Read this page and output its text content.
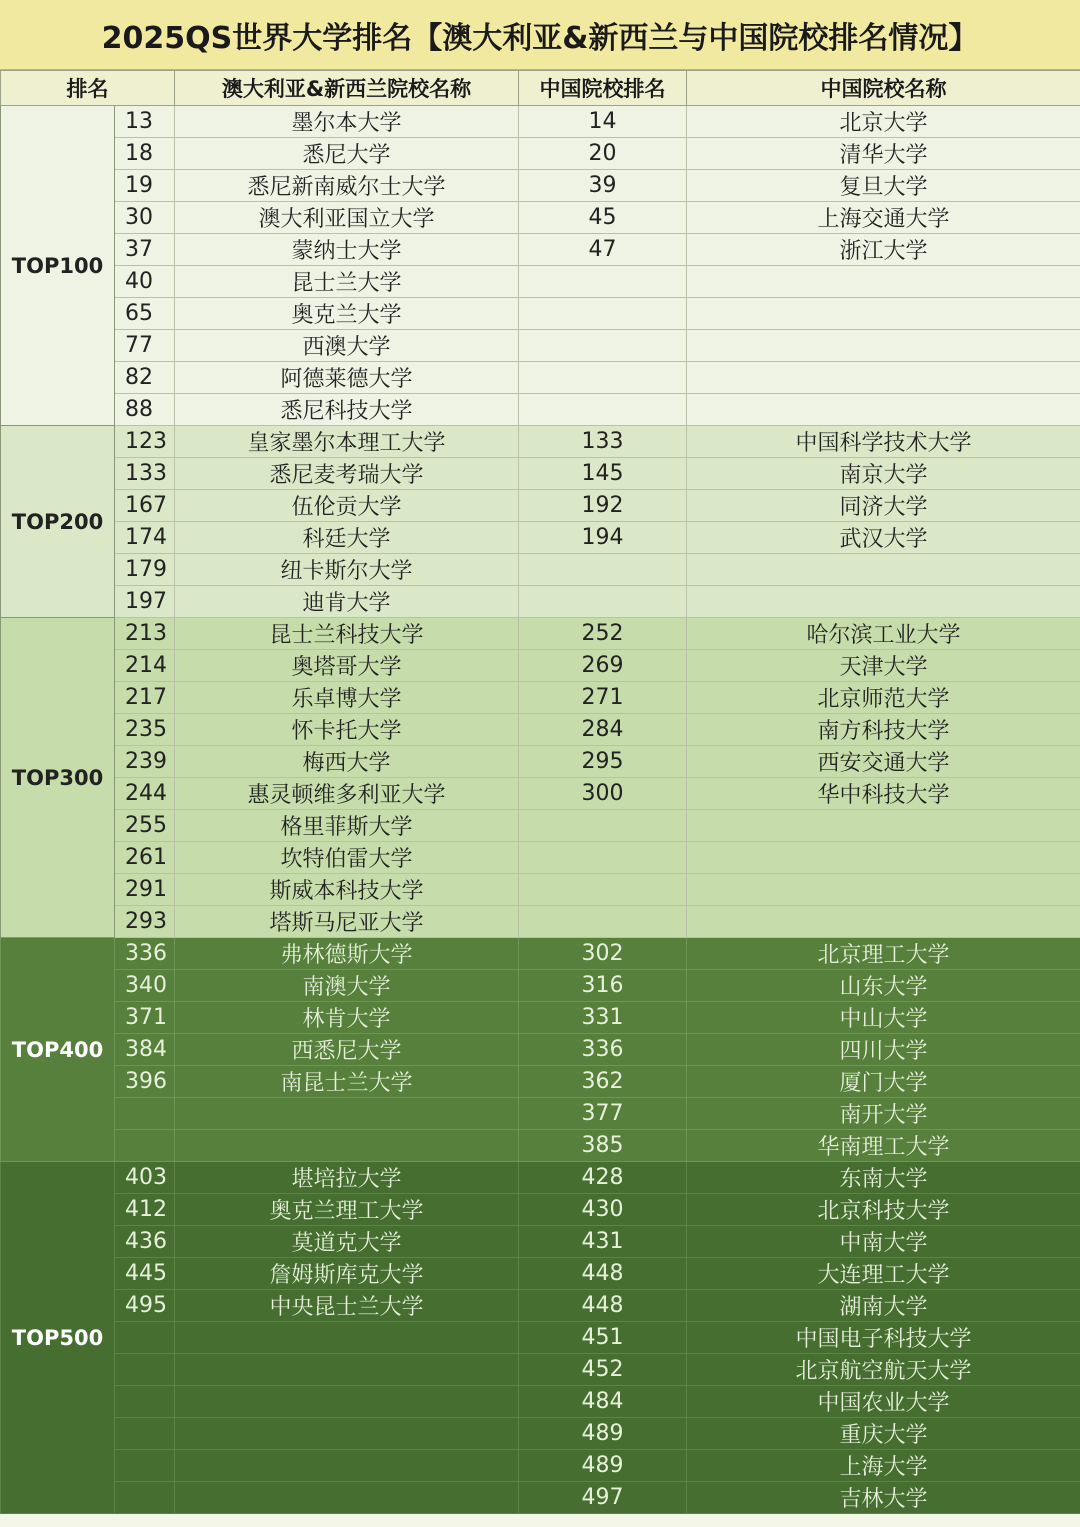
2025QS世界大学排名【澳大利亚&新西兰与中国院校排名情况】
排名		澳大利亚&新西兰院校名称	中国院校排名	中国院校名称
TOP100	13	墨尔本大学	14	北京大学
	18	悉尼大学	20	清华大学
	19	悉尼新南威尔士大学	39	复旦大学
	30	澳大利亚国立大学	45	上海交通大学
	37	蒙纳士大学	47	浙江大学
	40	昆士兰大学		
	65	奥克兰大学		
	77	西澳大学		
	82	阿德莱德大学		
	88	悉尼科技大学		
TOP200	123	皇家墨尔本理工大学	133	中国科学技术大学
	133	悉尼麦考瑞大学	145	南京大学
	167	伍伦贡大学	192	同济大学
	174	科廷大学	194	武汉大学
	179	纽卡斯尔大学		
	197	迪肯大学		
TOP300	213	昆士兰科技大学	252	哈尔滨工业大学
	214	奥塔哥大学	269	天津大学
	217	乐卓博大学	271	北京师范大学
	235	怀卡托大学	284	南方科技大学
	239	梅西大学	295	西安交通大学
	244	惠灵顿维多利亚大学	300	华中科技大学
	255	格里菲斯大学		
	261	坎特伯雷大学		
	291	斯威本科技大学		
	293	塔斯马尼亚大学		
TOP400	336	弗林德斯大学	302	北京理工大学
	340	南澳大学	316	山东大学
	371	林肯大学	331	中山大学
	384	西悉尼大学	336	四川大学
	396	南昆士兰大学	362	厦门大学
			377	南开大学
			385	华南理工大学
TOP500	403	堪培拉大学	428	东南大学
	412	奥克兰理工大学	430	北京科技大学
	436	莫道克大学	431	中南大学
	445	詹姆斯库克大学	448	大连理工大学
	495	中央昆士兰大学	448	湖南大学
			451	中国电子科技大学
			452	北京航空航天大学
			484	中国农业大学
			489	重庆大学
			489	上海大学
			497	吉林大学
